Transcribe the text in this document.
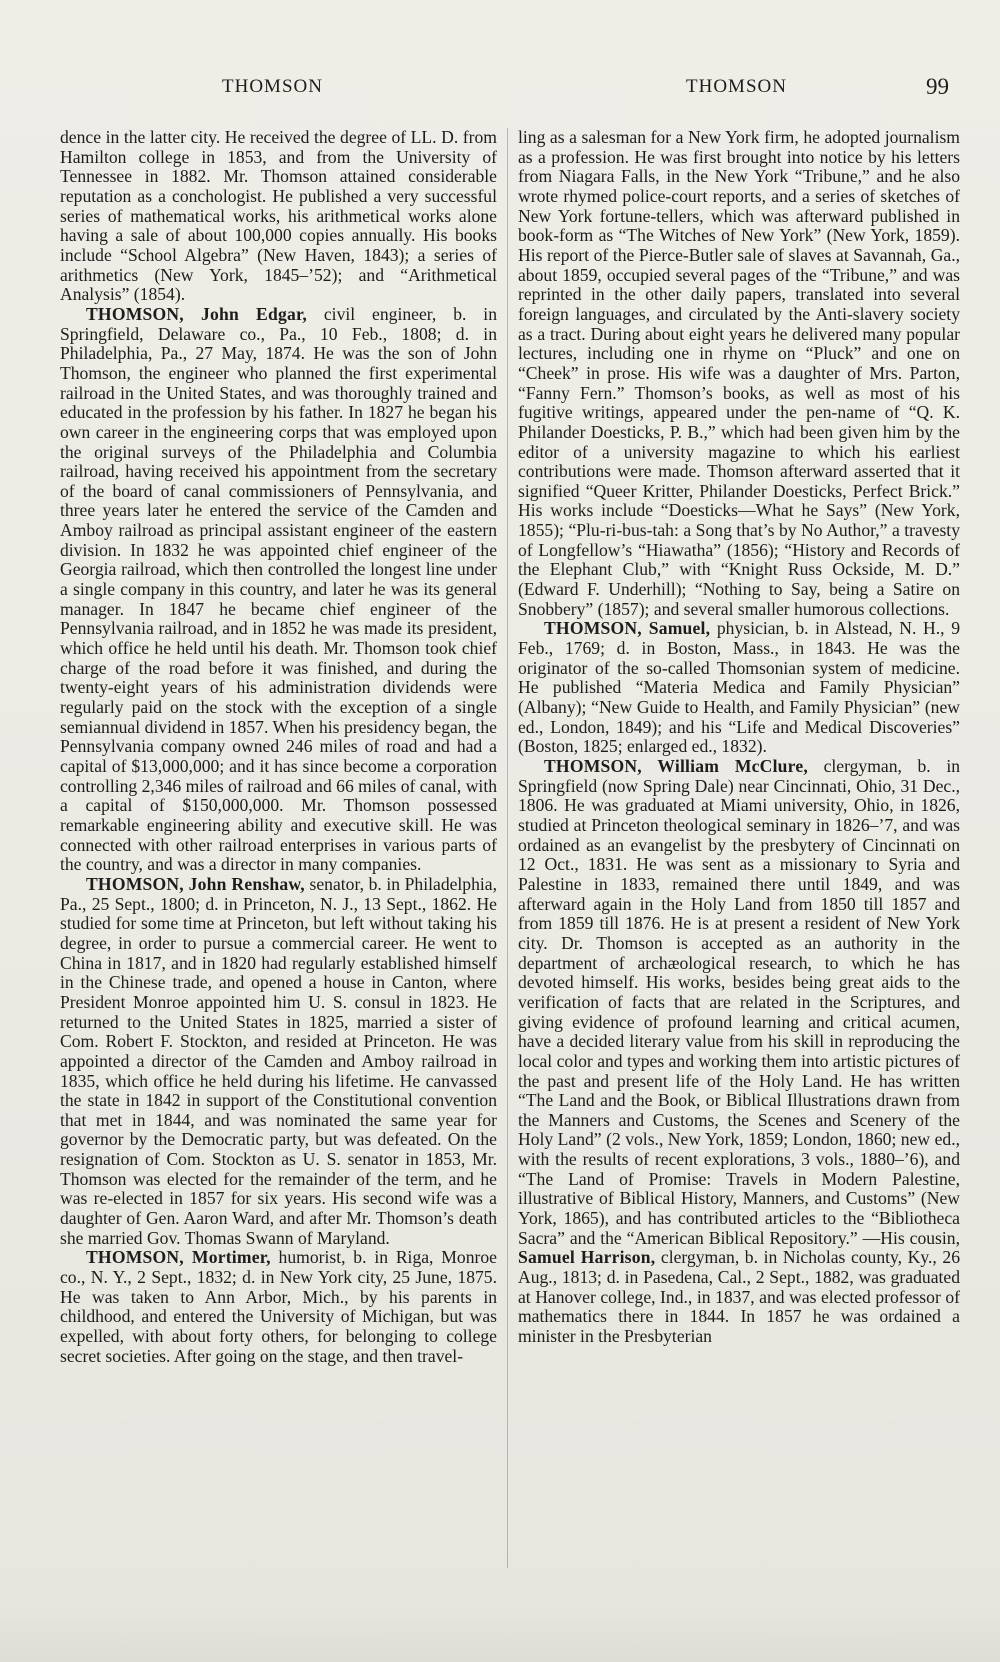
THOMSON	THOMSON	99

dence in the latter city. He received the degree of LL. D. from Hamilton college in 1853, and from the University of Tennessee in 1882. Mr. Thomson attained considerable reputation as a conchologist. He published a very successful series of mathematical works, his arithmetical works alone having a sale of about 100,000 copies annually. His books include “School Algebra” (New Haven, 1843); a series of arithmetics (New York, 1845–’52); and “Arithmetical Analysis” (1854).

THOMSON, John Edgar, civil engineer, b. in Springfield, Delaware co., Pa., 10 Feb., 1808; d. in Philadelphia, Pa., 27 May, 1874. He was the son of John Thomson, the engineer who planned the first experimental railroad in the United States, and was thoroughly trained and educated in the profession by his father. In 1827 he began his own career in the engineering corps that was employed upon the original surveys of the Philadelphia and Columbia railroad, having received his appointment from the secretary of the board of canal commissioners of Pennsylvania, and three years later he entered the service of the Camden and Amboy railroad as principal assistant engineer of the eastern division. In 1832 he was appointed chief engineer of the Georgia railroad, which then controlled the longest line under a single company in this country, and later he was its general manager. In 1847 he became chief engineer of the Pennsylvania railroad, and in 1852 he was made its president, which office he held until his death. Mr. Thomson took chief charge of the road before it was finished, and during the twenty-eight years of his administration dividends were regularly paid on the stock with the exception of a single semiannual dividend in 1857. When his presidency began, the Pennsylvania company owned 246 miles of road and had a capital of $13,000,000; and it has since become a corporation controlling 2,346 miles of railroad and 66 miles of canal, with a capital of $150,000,000. Mr. Thomson possessed remarkable engineering ability and executive skill. He was connected with other railroad enterprises in various parts of the country, and was a director in many companies.

THOMSON, John Renshaw, senator, b. in Philadelphia, Pa., 25 Sept., 1800; d. in Princeton, N. J., 13 Sept., 1862. He studied for some time at Princeton, but left without taking his degree, in order to pursue a commercial career. He went to China in 1817, and in 1820 had regularly established himself in the Chinese trade, and opened a house in Canton, where President Monroe appointed him U. S. consul in 1823. He returned to the United States in 1825, married a sister of Com. Robert F. Stockton, and resided at Princeton. He was appointed a director of the Camden and Amboy railroad in 1835, which office he held during his lifetime. He canvassed the state in 1842 in support of the Constitutional convention that met in 1844, and was nominated the same year for governor by the Democratic party, but was defeated. On the resignation of Com. Stockton as U. S. senator in 1853, Mr. Thomson was elected for the remainder of the term, and he was re-elected in 1857 for six years. His second wife was a daughter of Gen. Aaron Ward, and after Mr. Thomson’s death she married Gov. Thomas Swann of Maryland.

THOMSON, Mortimer, humorist, b. in Riga, Monroe co., N. Y., 2 Sept., 1832; d. in New York city, 25 June, 1875. He was taken to Ann Arbor, Mich., by his parents in childhood, and entered the University of Michigan, but was expelled, with about forty others, for belonging to college secret societies. After going on the stage, and then travel-

ling as a salesman for a New York firm, he adopted journalism as a profession. He was first brought into notice by his letters from Niagara Falls, in the New York “Tribune,” and he also wrote rhymed police-court reports, and a series of sketches of New York fortune-tellers, which was afterward published in book-form as “The Witches of New York” (New York, 1859). His report of the Pierce-Butler sale of slaves at Savannah, Ga., about 1859, occupied several pages of the “Tribune,” and was reprinted in the other daily papers, translated into several foreign languages, and circulated by the Anti-slavery society as a tract. During about eight years he delivered many popular lectures, including one in rhyme on “Pluck” and one on “Cheek” in prose. His wife was a daughter of Mrs. Parton, “Fanny Fern.” Thomson’s books, as well as most of his fugitive writings, appeared under the pen-name of “Q. K. Philander Doesticks, P. B.,” which had been given him by the editor of a university magazine to which his earliest contributions were made. Thomson afterward asserted that it signified “Queer Kritter, Philander Doesticks, Perfect Brick.” His works include “Doesticks—What he Says” (New York, 1855); “Plu-ri-bus-tah: a Song that’s by No Author,” a travesty of Longfellow’s “Hiawatha” (1856); “History and Records of the Elephant Club,” with “Knight Russ Ockside, M. D.” (Edward F. Underhill); “Nothing to Say, being a Satire on Snobbery” (1857); and several smaller humorous collections.

THOMSON, Samuel, physician, b. in Alstead, N. H., 9 Feb., 1769; d. in Boston, Mass., in 1843. He was the originator of the so-called Thomsonian system of medicine. He published “Materia Medica and Family Physician” (Albany); “New Guide to Health, and Family Physician” (new ed., London, 1849); and his “Life and Medical Discoveries” (Boston, 1825; enlarged ed., 1832).

THOMSON, William McClure, clergyman, b. in Springfield (now Spring Dale) near Cincinnati, Ohio, 31 Dec., 1806. He was graduated at Miami university, Ohio, in 1826, studied at Princeton theological seminary in 1826–’7, and was ordained as an evangelist by the presbytery of Cincinnati on 12 Oct., 1831. He was sent as a missionary to Syria and Palestine in 1833, remained there until 1849, and was afterward again in the Holy Land from 1850 till 1857 and from 1859 till 1876. He is at present a resident of New York city. Dr. Thomson is accepted as an authority in the department of archæological research, to which he has devoted himself. His works, besides being great aids to the verification of facts that are related in the Scriptures, and giving evidence of profound learning and critical acumen, have a decided literary value from his skill in reproducing the local color and types and working them into artistic pictures of the past and present life of the Holy Land. He has written “The Land and the Book, or Biblical Illustrations drawn from the Manners and Customs, the Scenes and Scenery of the Holy Land” (2 vols., New York, 1859; London, 1860; new ed., with the results of recent explorations, 3 vols., 1880–’6), and “The Land of Promise: Travels in Modern Palestine, illustrative of Biblical History, Manners, and Customs” (New York, 1865), and has contributed articles to the “Bibliotheca Sacra” and the “American Biblical Repository.” —His cousin, Samuel Harrison, clergyman, b. in Nicholas county, Ky., 26 Aug., 1813; d. in Pasedena, Cal., 2 Sept., 1882, was graduated at Hanover college, Ind., in 1837, and was elected professor of mathematics there in 1844. In 1857 he was ordained a minister in the Presbyterian
